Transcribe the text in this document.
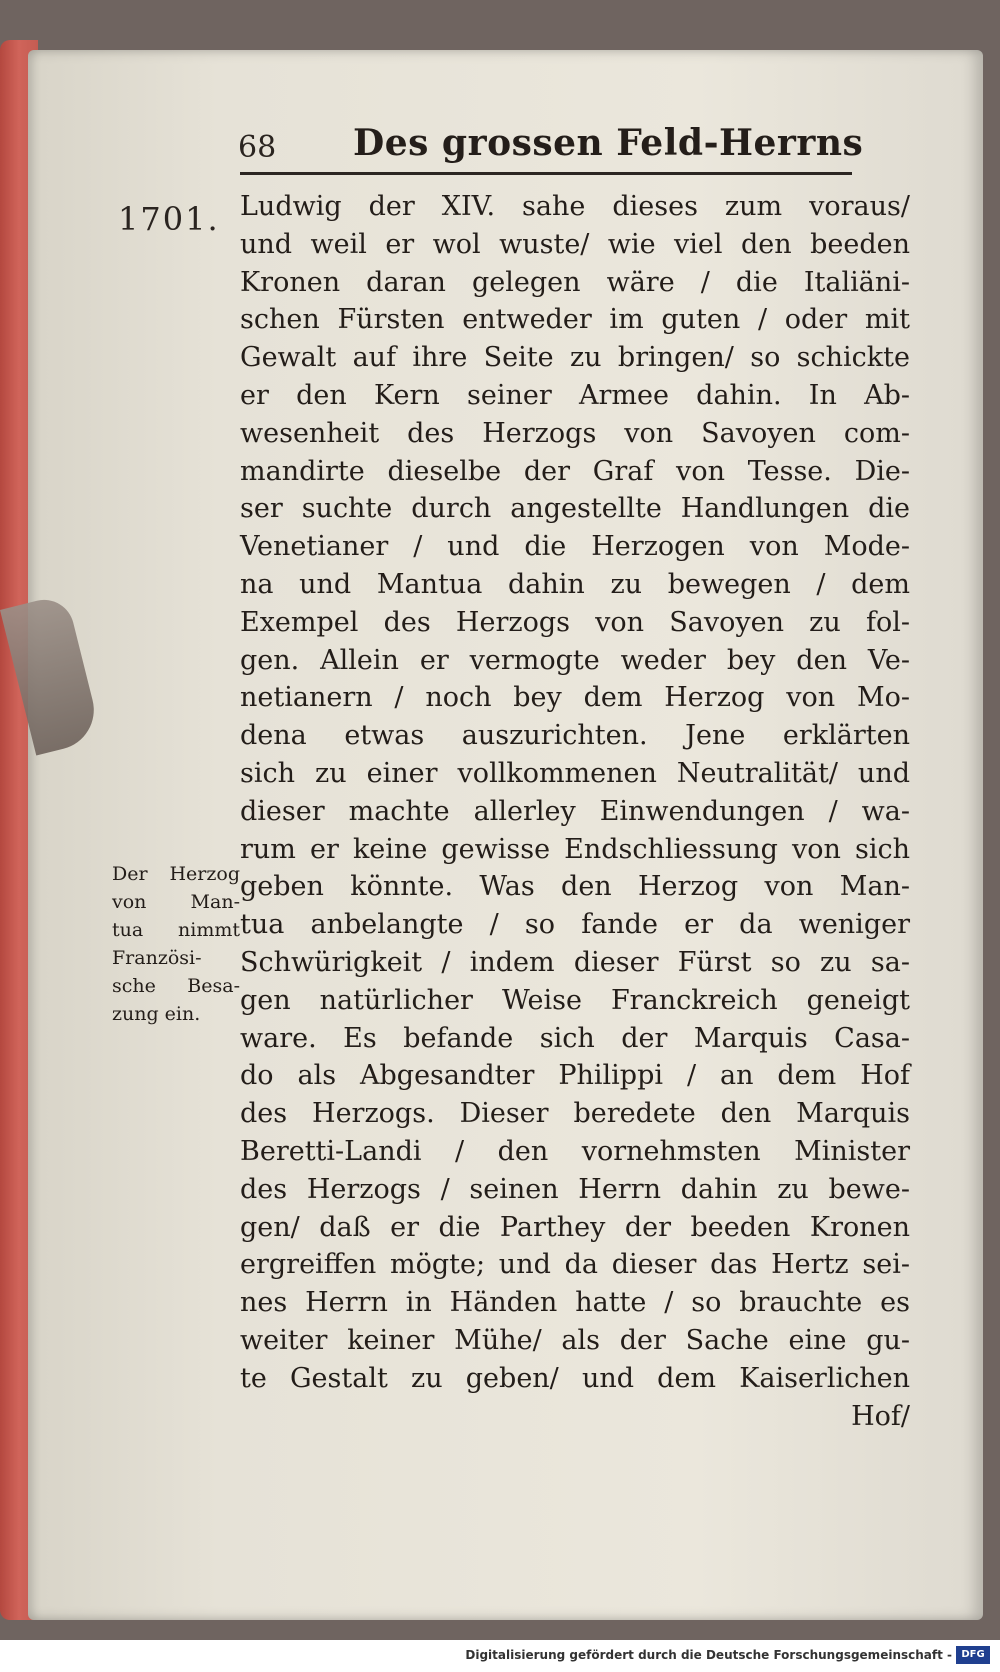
68 Des grossen Feld-Herrns
1701. Ludwig der XIV. sahe dieses zum voraus/
und weil er wol wuste/ wie viel den beeden
Kronen daran gelegen wäre / die Italiäni-
schen Fürsten entweder im guten / oder mit
Gewalt auf ihre Seite zu bringen/ so schickte
er den Kern seiner Armee dahin. In Ab-
wesenheit des Herzogs von Savoyen com-
mandirte dieselbe der Graf von Tesse. Die-
ser suchte durch angestellte Handlungen die
Venetianer / und die Herzogen von Mode-
na und Mantua dahin zu bewegen / dem
Exempel des Herzogs von Savoyen zu fol-
gen. Allein er vermogte weder bey den Ve-
netianern / noch bey dem Herzog von Mo-
dena etwas auszurichten. Jene erklärten
sich zu einer vollkommenen Neutralität/ und
dieser machte allerley Einwendungen / wa-
rum er keine gewisse Endschliessung von sich
geben könnte. Was den Herzog von Man-
tua anbelangte / so fande er da weniger
Schwürigkeit / indem dieser Fürst so zu sa-
gen natürlicher Weise Franckreich geneigt
ware. Es befande sich der Marquis Casa-
do als Abgesandter Philippi / an dem Hof
des Herzogs. Dieser beredete den Marquis
Beretti-Landi / den vornehmsten Minister
des Herzogs / seinen Herrn dahin zu bewe-
gen/ daß er die Parthey der beeden Kronen
ergreiffen mögte; und da dieser das Hertz sei-
nes Herrn in Händen hatte / so brauchte es
weiter keiner Mühe/ als der Sache eine gu-
te Gestalt zu geben/ und dem Kaiserlichen
Hof/
Der Herzog
von Man-
tua nimmt
Französi-
sche Besa-
zung ein.
Digitalisierung gefördert durch die Deutsche Forschungsgemeinschaft - DFG
